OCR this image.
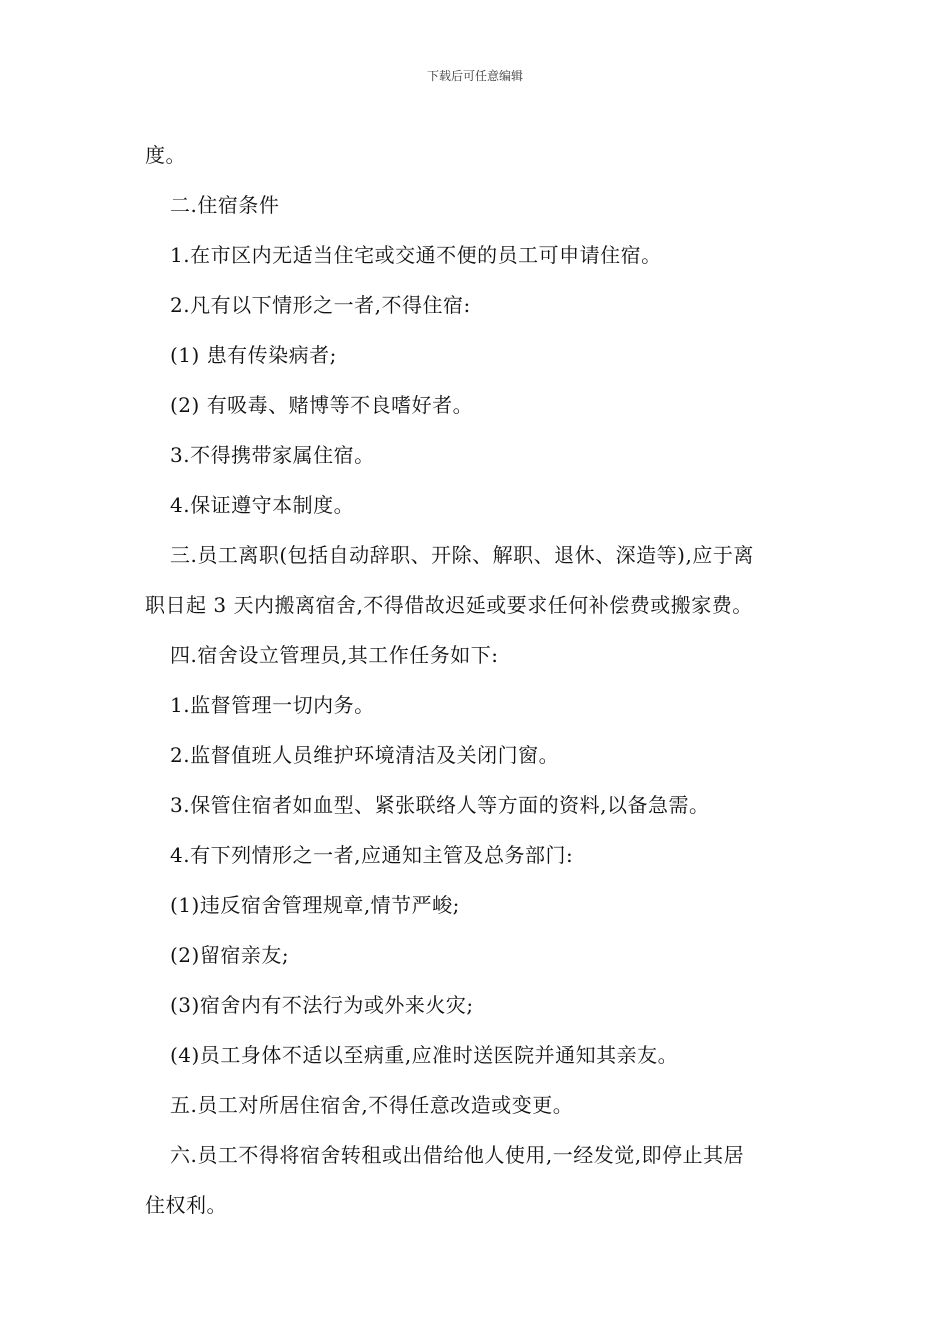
下载后可任意编辑

度。

二.住宿条件

1.在市区内无适当住宅或交通不便的员工可申请住宿。

2.凡有以下情形之一者,不得住宿:

(1) 患有传染病者;

(2) 有吸毒、赌博等不良嗜好者。

3.不得携带家属住宿。

4.保证遵守本制度。

三.员工离职(包括自动辞职、开除、解职、退休、深造等),应于离

职日起 3 天内搬离宿舍,不得借故迟延或要求任何补偿费或搬家费。

四.宿舍设立管理员,其工作任务如下:

1.监督管理一切内务。

2.监督值班人员维护环境清洁及关闭门窗。

3.保管住宿者如血型、紧张联络人等方面的资料,以备急需。

4.有下列情形之一者,应通知主管及总务部门:

(1)违反宿舍管理规章,情节严峻;

(2)留宿亲友;

(3)宿舍内有不法行为或外来火灾;

(4)员工身体不适以至病重,应准时送医院并通知其亲友。

五.员工对所居住宿舍,不得任意改造或变更。

六.员工不得将宿舍转租或出借给他人使用,一经发觉,即停止其居

住权利。
